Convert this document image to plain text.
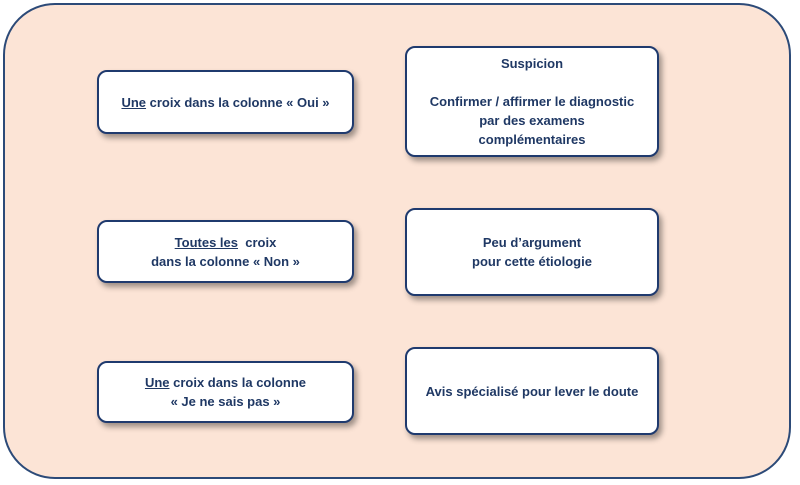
Une croix dans la colonne « Oui »
Toutes les  croix
dans la colonne « Non »
Une croix dans la colonne
« Je ne sais pas »
Suspicion
Confirmer / affirmer le diagnostic
par des examens
complémentaires
Peu d’argument
pour cette étiologie
Avis spécialisé pour lever le doute
